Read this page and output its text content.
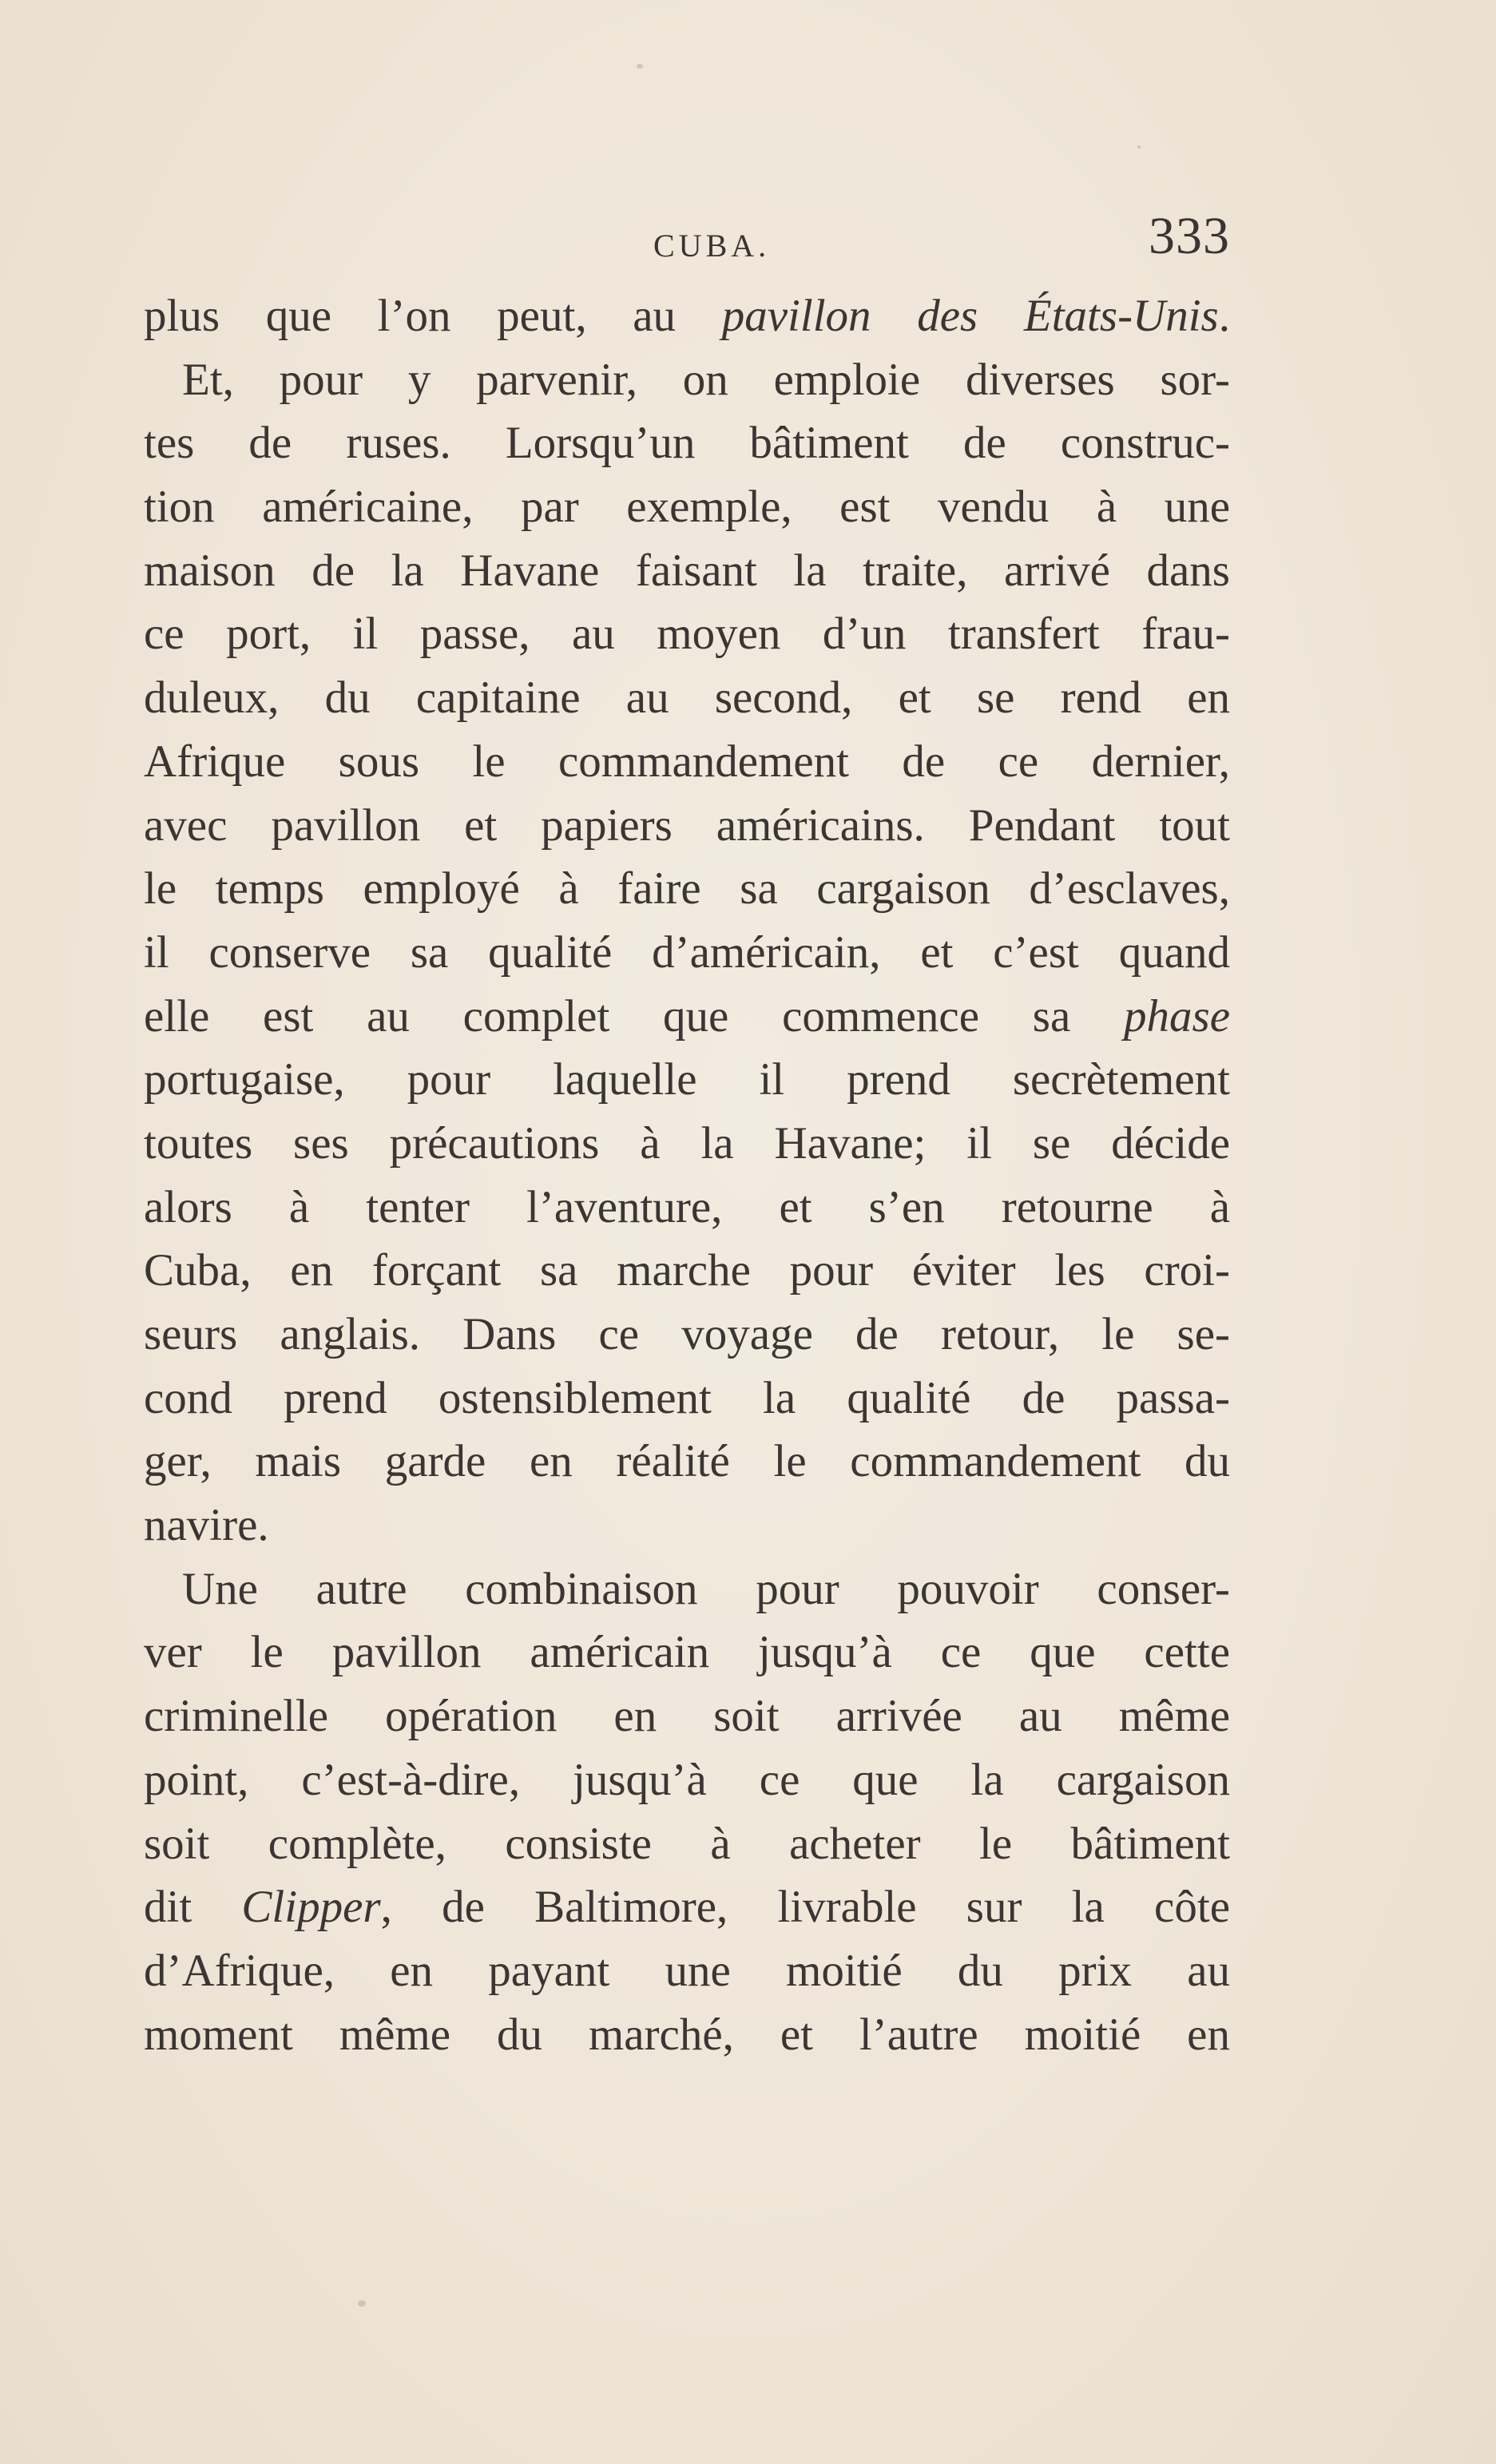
CUBA.	333
plus que l’on peut, au pavillon des États-Unis.
Et, pour y parvenir, on emploie diverses sor-
tes de ruses. Lorsqu’un bâtiment de construc-
tion américaine, par exemple, est vendu à une
maison de la Havane faisant la traite, arrivé dans
ce port, il passe, au moyen d’un transfert frau-
duleux, du capitaine au second, et se rend en
Afrique sous le commandement de ce dernier,
avec pavillon et papiers américains. Pendant tout
le temps employé à faire sa cargaison d’esclaves,
il conserve sa qualité d’américain, et c’est quand
elle est au complet que commence sa phase
portugaise, pour laquelle il prend secrètement
toutes ses précautions à la Havane; il se décide
alors à tenter l’aventure, et s’en retourne à
Cuba, en forçant sa marche pour éviter les croi-
seurs anglais. Dans ce voyage de retour, le se-
cond prend ostensiblement la qualité de passa-
ger, mais garde en réalité le commandement du
navire.
Une autre combinaison pour pouvoir conser-
ver le pavillon américain jusqu’à ce que cette
criminelle opération en soit arrivée au même
point, c’est-à-dire, jusqu’à ce que la cargaison
soit complète, consiste à acheter le bâtiment
dit Clipper, de Baltimore, livrable sur la côte
d’Afrique, en payant une moitié du prix au
moment même du marché, et l’autre moitié en
